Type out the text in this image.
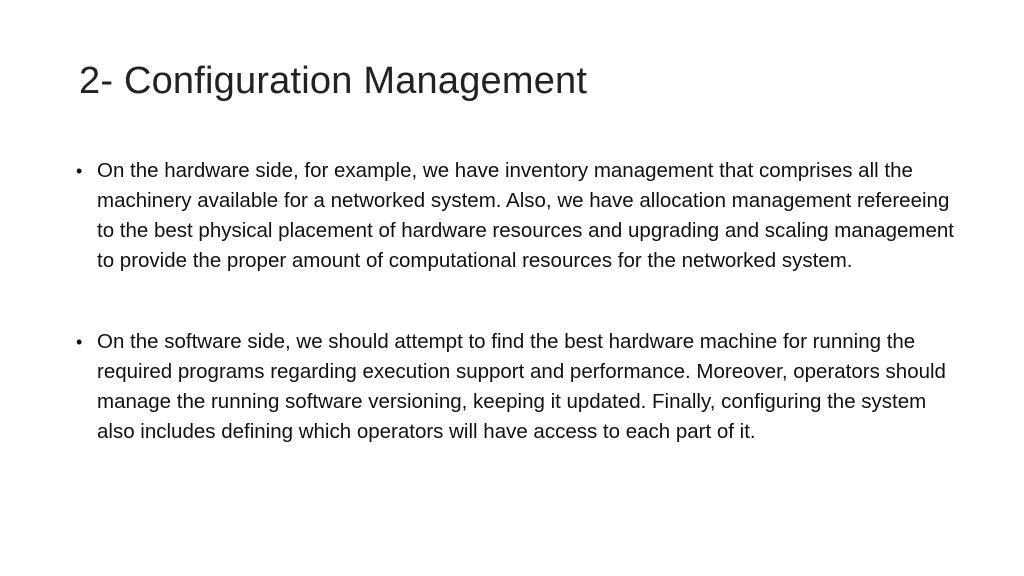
2- Configuration Management
• On the hardware side, for example, we have inventory management that comprises all the machinery available for a networked system. Also, we have allocation management refereeing to the best physical placement of hardware resources and upgrading and scaling management to provide the proper amount of computational resources for the networked system.
• On the software side, we should attempt to find the best hardware machine for running the required programs regarding execution support and performance. Moreover, operators should manage the running software versioning, keeping it updated. Finally, configuring the system also includes defining which operators will have access to each part of it.
